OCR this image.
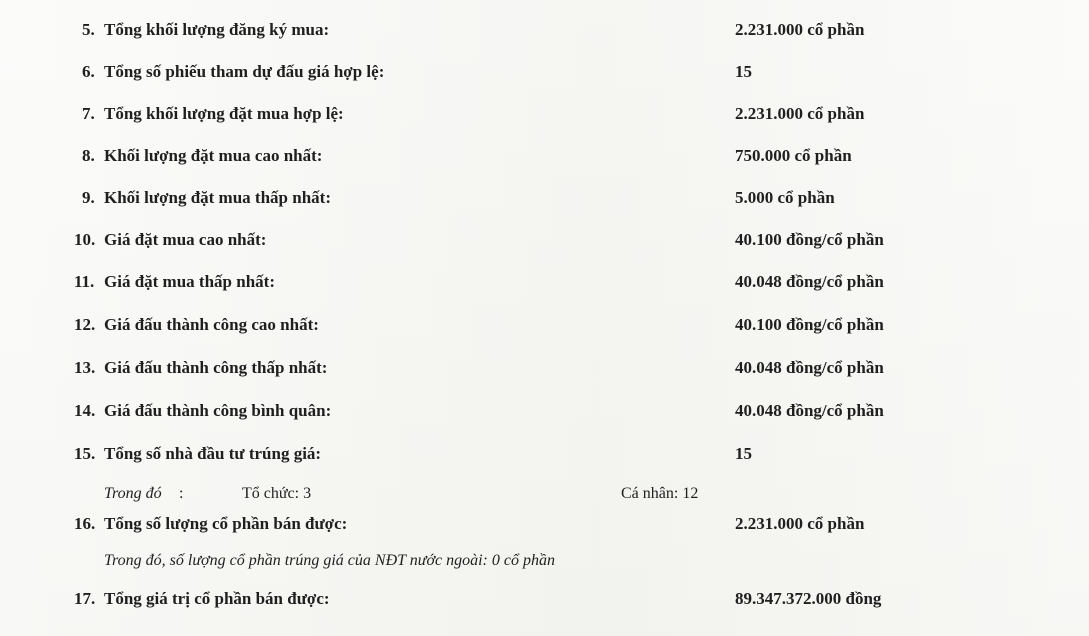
5. Tổng khối lượng đăng ký mua:	2.231.000 cổ phần
6. Tổng số phiếu tham dự đấu giá hợp lệ:	15
7. Tổng khối lượng đặt mua hợp lệ:	2.231.000 cổ phần
8. Khối lượng đặt mua cao nhất:	750.000 cổ phần
9. Khối lượng đặt mua thấp nhất:	5.000 cổ phần
10. Giá đặt mua cao nhất:	40.100 đồng/cổ phần
11. Giá đặt mua thấp nhất:	40.048 đồng/cổ phần
12. Giá đấu thành công cao nhất:	40.100 đồng/cổ phần
13. Giá đấu thành công thấp nhất:	40.048 đồng/cổ phần
14. Giá đấu thành công bình quân:	40.048 đồng/cổ phần
15. Tổng số nhà đầu tư trúng giá:	15
Trong đó :	Tổ chức: 3	Cá nhân: 12
16. Tổng số lượng cổ phần bán được:	2.231.000 cổ phần
Trong đó, số lượng cổ phần trúng giá của NĐT nước ngoài: 0 cổ phần
17. Tổng giá trị cổ phần bán được:	89.347.372.000 đồng
